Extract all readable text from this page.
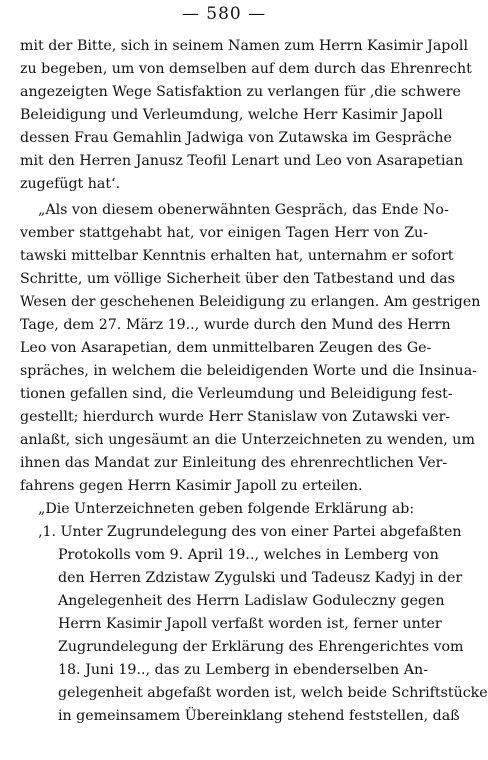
— 580 —
mit der Bitte, sich in seinem Namen zum Herrn Kasimir Japoll
zu begeben, um von demselben auf dem durch das Ehrenrecht
angezeigten Wege Satisfaktion zu verlangen für ‚die schwere
Beleidigung und Verleumdung, welche Herr Kasimir Japoll
dessen Frau Gemahlin Jadwiga von Zutawska im Gespräche
mit den Herren Janusz Teofil Lenart und Leo von Asarapetian
zugefügt hat‘.
„Als von diesem obenerwähnten Gespräch, das Ende No-
vember stattgehabt hat, vor einigen Tagen Herr von Zu-
tawski mittelbar Kenntnis erhalten hat, unternahm er sofort
Schritte, um völlige Sicherheit über den Tatbestand und das
Wesen der geschehenen Beleidigung zu erlangen. Am gestrigen
Tage, dem 27. März 19.., wurde durch den Mund des Herrn
Leo von Asarapetian, dem unmittelbaren Zeugen des Ge-
spräches, in welchem die beleidigenden Worte und die Insinua-
tionen gefallen sind, die Verleumdung und Beleidigung fest-
gestellt; hierdurch wurde Herr Stanislaw von Zutawski ver-
anlaßt, sich ungesäumt an die Unterzeichneten zu wenden, um
ihnen das Mandat zur Einleitung des ehrenrechtlichen Ver-
fahrens gegen Herrn Kasimir Japoll zu erteilen.
„Die Unterzeichneten geben folgende Erklärung ab:
‚1. Unter Zugrundelegung des von einer Partei abgefaßten
Protokolls vom 9. April 19.., welches in Lemberg von
den Herren Zdzistaw Zygulski und Tadeusz Kadyj in der
Angelegenheit des Herrn Ladislaw Goduleczny gegen
Herrn Kasimir Japoll verfaßt worden ist, ferner unter
Zugrundelegung der Erklärung des Ehrengerichtes vom
18. Juni 19.., das zu Lemberg in ebenderselben An-
gelegenheit abgefaßt worden ist, welch beide Schriftstücke
in gemeinsamem Übereinklang stehend feststellen, daß
